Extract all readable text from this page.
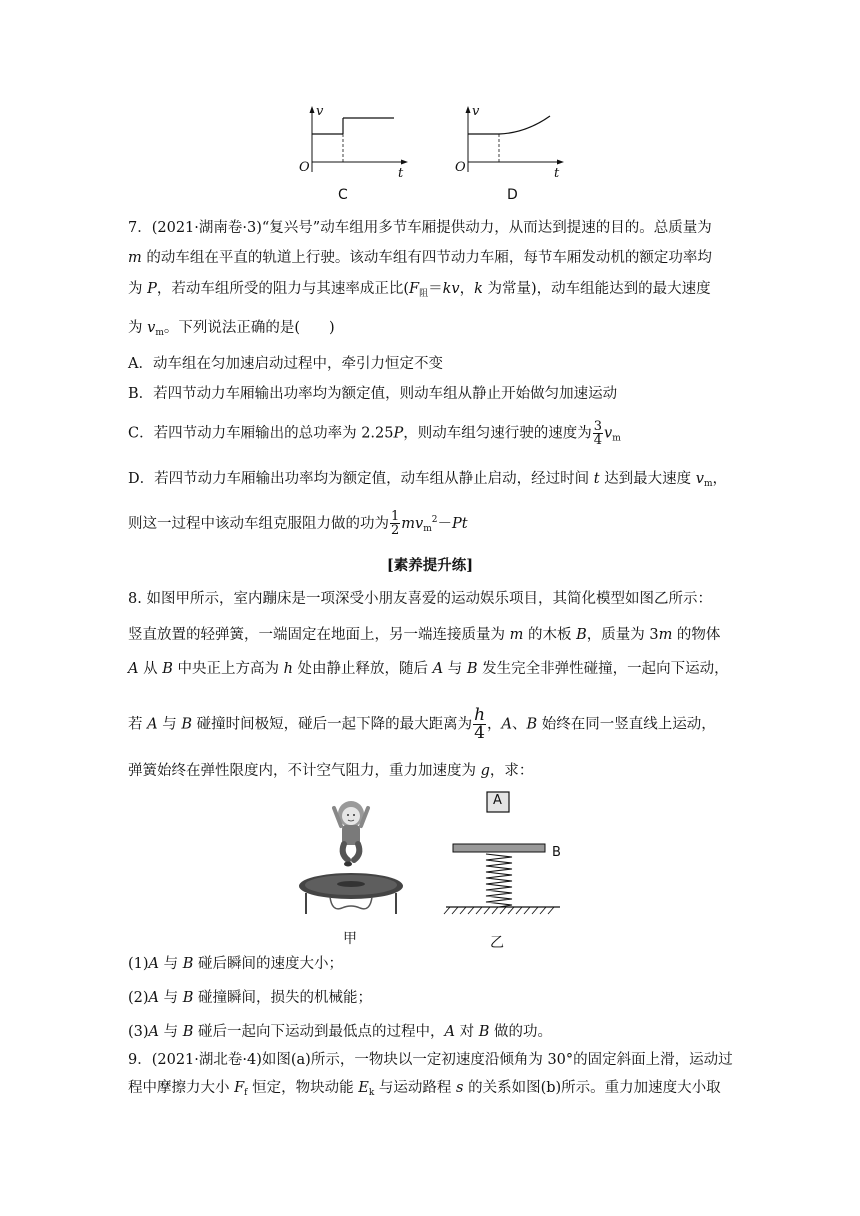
v
O	t
C
v
O	t
D
7．(2021·湖南卷·3)“复兴号”动车组用多节车厢提供动力，从而达到提速的目的。总质量为
m 的动车组在平直的轨道上行驶。该动车组有四节动力车厢，每节车厢发动机的额定功率均
为 P，若动车组所受的阻力与其速率成正比($F_阻=kv$，k 为常量)，动车组能达到的最大速度
为 $v_m$。下列说法正确的是(　　)
A．动车组在匀加速启动过程中，牵引力恒定不变
B．若四节动力车厢输出功率均为额定值，则动车组从静止开始做匀加速运动
C．若四节动力车厢输出的总功率为 2.25P，则动车组匀速行驶的速度为 $\frac{3}{4} v_m$
D．若四节动力车厢输出功率均为额定值，动车组从静止启动，经过时间 t 达到最大速度 $v_m$，
则这一过程中该动车组克服阻力做的功为 $\frac{1}{2} mv_m^2-Pt$
[素养提升练]
8. 如图甲所示，室内蹦床是一项深受小朋友喜爱的运动娱乐项目，其简化模型如图乙所示：
竖直放置的轻弹簧，一端固定在地面上，另一端连接质量为 m 的木板 B，质量为 3m 的物体
A 从 B 中央正上方高为 h 处由静止释放，随后 A 与 B 发生完全非弹性碰撞，一起向下运动，
若 A 与 B 碰撞时间极短，碰后一起下降的最大距离为 $\frac{h}{4}$ ，A、B 始终在同一竖直线上运动，
弹簧始终在弹性限度内，不计空气阻力，重力加速度为 g，求：
A
B
甲	乙
(1)A 与 B 碰后瞬间的速度大小；
(2)A 与 B 碰撞瞬间，损失的机械能；
(3)A 与 B 碰后一起向下运动到最低点的过程中，A 对 B 做的功。
9．(2021·湖北卷·4)如图(a)所示，一物块以一定初速度沿倾角为 30°的固定斜面上滑，运动过
程中摩擦力大小 $F_f$ 恒定，物块动能 $E_k$ 与运动路程 s 的关系如图(b)所示。重力加速度大小取
